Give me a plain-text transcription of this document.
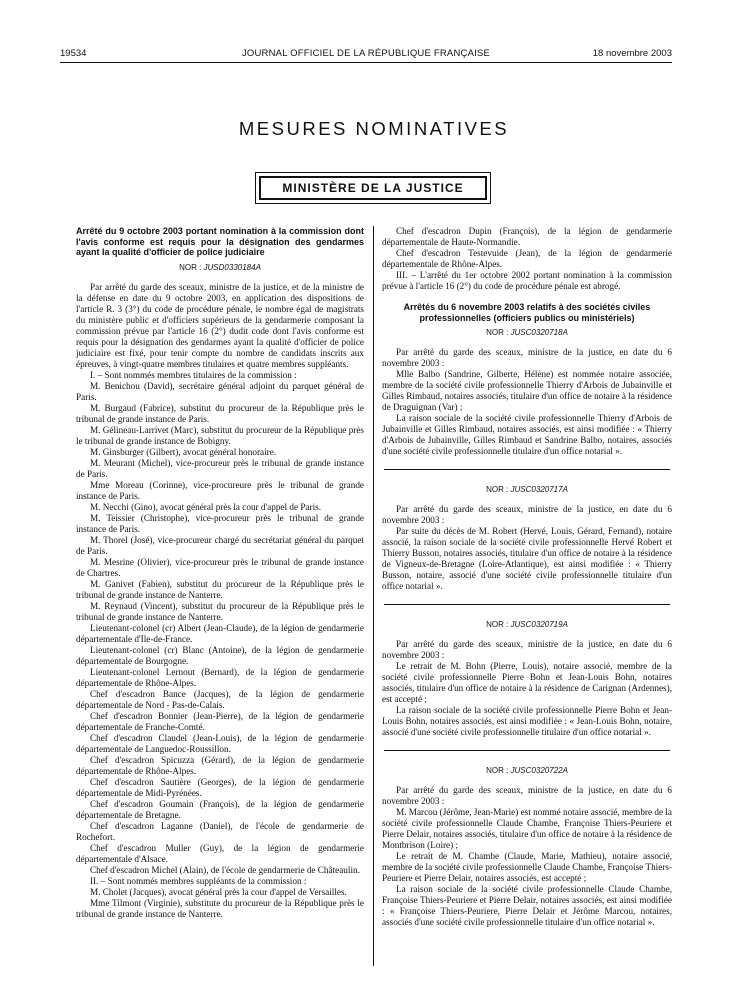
19534	JOURNAL OFFICIEL DE LA RÉPUBLIQUE FRANÇAISE	18 novembre 2003
MESURES NOMINATIVES
MINISTÈRE DE LA JUSTICE
Arrêté du 9 octobre 2003 portant nomination à la commission dont l'avis conforme est requis pour la désignation des gendarmes ayant la qualité d'officier de police judiciaire
NOR : JUSD0330184A

Par arrêté du garde des sceaux, ministre de la justice, et de la ministre de la défense en date du 9 octobre 2003, en application des dispositions de l'article R. 3 (3°) du code de procédure pénale, le nombre égal de magistrats du ministère public et d'officiers supérieurs de la gendarmerie composant la commission prévue par l'article 16 (2°) dudit code dont l'avis conforme est requis pour la désignation des gendarmes ayant la qualité d'officier de police judiciaire est fixé, pour tenir compte du nombre de candidats inscrits aux épreuves, à vingt-quatre membres titulaires et quatre membres suppléants.

I. – Sont nommés membres titulaires de la commission :

M. Benichou (David), secrétaire général adjoint du parquet général de Paris.

M. Burgaud (Fabrice), substitut du procureur de la République près le tribunal de grande instance de Paris.

M. Gélineau-Larrivet (Marc), substitut du procureur de la République près le tribunal de grande instance de Bobigny.

M. Ginsburger (Gilbert), avocat général honoraire.

M. Meurant (Michel), vice-procureur près le tribunal de grande instance de Paris.

Mme Moreau (Corinne), vice-procureure près le tribunal de grande instance de Paris.

M. Necchi (Gino), avocat général près la cour d'appel de Paris.

M. Teissier (Christophe), vice-procureur près le tribunal de grande instance de Paris.

M. Thorel (José), vice-procureur chargé du secrétariat général du parquet de Paris.

M. Mesrine (Olivier), vice-procureur près le tribunal de grande instance de Chartres.

M. Ganivet (Fabien), substitut du procureur de la République près le tribunal de grande instance de Nanterre.

M. Reynaud (Vincent), substitut du procureur de la République près le tribunal de grande instance de Nanterre.

Lieutenant-colonel (cr) Albert (Jean-Claude), de la légion de gendarmerie départementale d'Ile-de-France.

Lieutenant-colonel (cr) Blanc (Antoine), de la légion de gendarmerie départementale de Bourgogne.

Lieutenant-colonel Lernout (Bernard), de la légion de gendarmerie départementale de Rhône-Alpes.

Chef d'escadron Bance (Jacques), de la légion de gendarmerie départementale de Nord - Pas-de-Calais.

Chef d'escadron Bonnier (Jean-Pierre), de la légion de gendarmerie départementale de Franche-Comté.

Chef d'escadron Claudel (Jean-Louis), de la légion de gendarmerie départementale de Languedoc-Roussillon.

Chef d'escadron Spicuzza (Gérard), de la légion de gendarmerie départementale de Rhône-Alpes.

Chef d'escadron Sautière (Georges), de la légion de gendarmerie départementale de Midi-Pyrénées.

Chef d'escadron Goumain (François), de la légion de gendarmerie départementale de Bretagne.

Chef d'escadron Laganne (Daniel), de l'école de gendarmerie de Rochefort.

Chef d'escadron Muller (Guy), de la légion de gendarmerie départementale d'Alsace.

Chef d'escadron Michel (Alain), de l'école de gendarmerie de Châteaulin.

II. – Sont nommés membres suppléants de la commission :

M. Cholet (Jacques), avocat général près la cour d'appel de Versailles.

Mme Tilmont (Virginie), substitute du procureur de la République près le tribunal de grande instance de Nanterre.

Chef d'escadron Dupin (François), de la légion de gendarmerie départementale de Haute-Normandie.

Chef d'escadron Testevuide (Jean), de la légion de gendarmerie départementale de Rhône-Alpes.

III. – L'arrêté du 1er octobre 2002 portant nomination à la commission prévue à l'article 16 (2°) du code de procédure pénale est abrogé.

Arrêtés du 6 novembre 2003 relatifs à des sociétés civiles professionnelles (officiers publics ou ministériels)
NOR : JUSC0320718A

Par arrêté du garde des sceaux, ministre de la justice, en date du 6 novembre 2003 :

Mlle Balbo (Sandrine, Gilberte, Hélène) est nommée notaire associée, membre de la société civile professionnelle Thierry d'Arbois de Jubainville et Gilles Rimbaud, notaires associés, titulaire d'un office de notaire à la résidence de Draguignan (Var) ;

La raison sociale de la société civile professionnelle Thierry d'Arbois de Jubainville et Gilles Rimbaud, notaires associés, est ainsi modifiée : « Thierry d'Arbois de Jubainville, Gilles Rimbaud et Sandrine Balbo, notaires, associés d'une société civile professionnelle titulaire d'un office notarial ».

NOR : JUSC0320717A

Par arrêté du garde des sceaux, ministre de la justice, en date du 6 novembre 2003 :

Par suite du décès de M. Robert (Hervé, Louis, Gérard, Fernand), notaire associé, la raison sociale de la société civile professionnelle Hervé Robert et Thierry Busson, notaires associés, titulaire d'un office de notaire à la résidence de Vigneux-de-Bretagne (Loire-Atlantique), est ainsi modifiée : « Thierry Busson, notaire, associé d'une société civile professionnelle titulaire d'un office notarial ».

NOR : JUSC0320719A

Par arrêté du garde des sceaux, ministre de la justice, en date du 6 novembre 2003 :

Le retrait de M. Bohn (Pierre, Louis), notaire associé, membre de la société civile professionnelle Pierre Bohn et Jean-Louis Bohn, notaires associés, titulaire d'un office de notaire à la résidence de Carignan (Ardennes), est accepté ;

La raison sociale de la société civile professionnelle Pierre Bohn et Jean-Louis Bohn, notaires associés, est ainsi modifiée : « Jean-Louis Bohn, notaire, associé d'une société civile professionnelle titulaire d'un office notarial ».

NOR : JUSC0320722A

Par arrêté du garde des sceaux, ministre de la justice, en date du 6 novembre 2003 :

M. Marcou (Jérôme, Jean-Marie) est nommé notaire associé, membre de la société civile professionnelle Claude Chambe, Françoise Thiers-Peuriere et Pierre Delair, notaires associés, titulaire d'un office de notaire à la résidence de Montbrison (Loire) ;

Le retrait de M. Chambe (Claude, Marie, Mathieu), notaire associé, membre de la société civile professionnelle Claude Chambe, Françoise Thiers-Peuriere et Pierre Delair, notaires associés, est accepté ;

La raison sociale de la société civile professionnelle Claude Chambe, Françoise Thiers-Peuriere et Pierre Delair, notaires associés, est ainsi modifiée : « Françoise Thiers-Peuriere, Pierre Delair et Jérôme Marcou, notaires, associés d'une société civile professionnelle titulaire d'un office notarial ».
